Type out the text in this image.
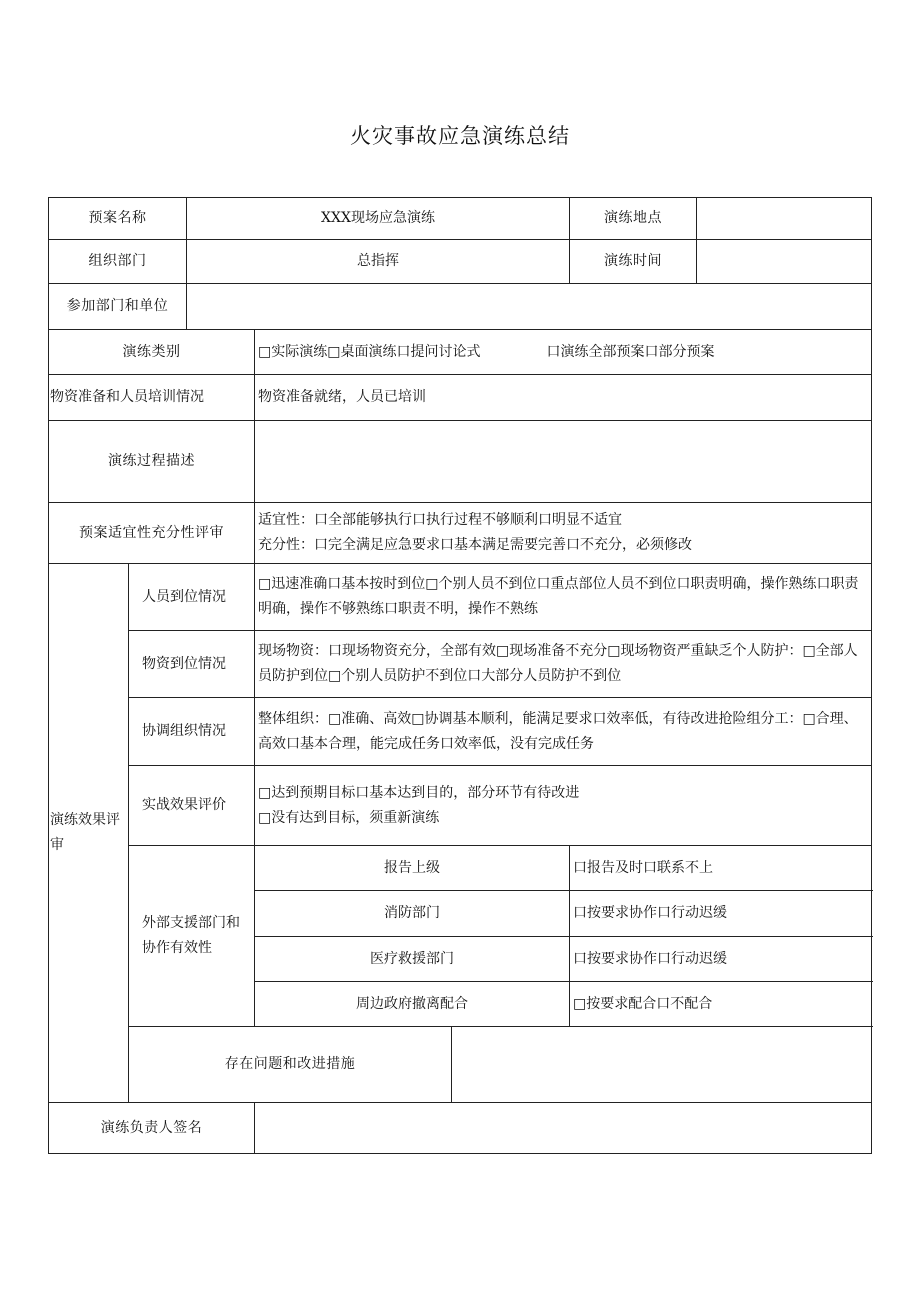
火灾事故应急演练总结
预案名称		XXX现场应急演练			演练地点	
组织部门		总指挥			演练时间	
参加部门和单位						
演练类别			□实际演练□桌面演练口提问讨论式 口演练全部预案口部分预案			
物资准备和人员培训情况			物资准备就绪，人员已培训			
演练过程描述						
预案适宜性充分性评审			适宜性：口全部能够执行口执行过程不够顺利口明显不适宜
充分性：口完全满足应急要求口基本满足需要完善口不充分，必须修改			

演练效果评审	人员到位情况		□迅速准确口基本按时到位□个别人员不到位口重点部位人员不到位口职责明确，操作熟练口职责明确，操作不够熟练口职责不明，操作不熟练			
	物资到位情况		现场物资：口现场物资充分，全部有效□现场准备不充分□现场物资严重缺乏个人防护：□全部人员防护到位□个别人员防护不到位口大部分人员防护不到位			
	协调组织情况		整体组织：□准确、高效□协调基本顺利，能满足要求口效率低，有待改进抢险组分工：□合理、高效口基本合理，能完成任务口效率低，没有完成任务			
	实战效果评价		□达到预期目标口基本达到目的，部分环节有待改进
□没有达到目标，须重新演练			

	外部支援部门和协作有效性		报告上级		口报告及时口联系不上	
			消防部门		口按要求协作口行动迟缓	
			医疗救援部门		口按要求协作口行动迟缓	
			周边政府撤离配合		□按要求配合口不配合	
	存在问题和改进措施					
演练负责人签名						
